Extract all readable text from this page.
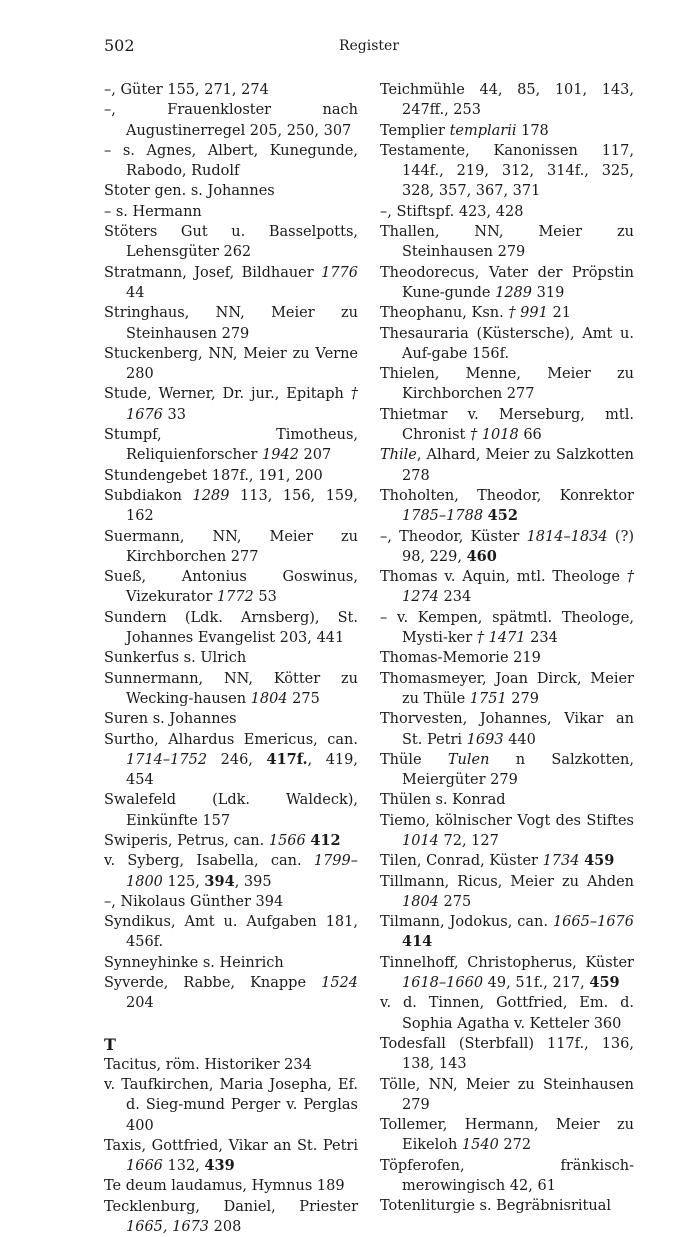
502	Register
–, Güter 155, 271, 274
–, Frauenkloster nach Augustinerregel 205, 250, 307
– s. Agnes, Albert, Kunegunde, Rabodo, Rudolf
Stoter gen. s. Johannes
– s. Hermann
Stöters Gut u. Basselpotts, Lehensgüter 262
Stratmann, Josef, Bildhauer 1776 44
Stringhaus, NN, Meier zu Steinhausen 279
Stuckenberg, NN, Meier zu Verne 280
Stude, Werner, Dr. jur., Epitaph † 1676 33
Stumpf, Timotheus, Reliquienforscher 1942 207
Stundengebet 187f., 191, 200
Subdiakon 1289 113, 156, 159, 162
Suermann, NN, Meier zu Kirchborchen 277
Sueß, Antonius Goswinus, Vizekurator 1772 53
Sundern (Ldk. Arnsberg), St. Johannes Evangelist 203, 441
Sunkerfus s. Ulrich
Sunnermann, NN, Kötter zu Wecking-hausen 1804 275
Suren s. Johannes
Surtho, Alhardus Emericus, can. 1714–1752 246, 417f., 419, 454
Swalefeld (Ldk. Waldeck), Einkünfte 157
Swiperis, Petrus, can. 1566 412
v. Syberg, Isabella, can. 1799–1800 125, 394, 395
–, Nikolaus Günther 394
Syndikus, Amt u. Aufgaben 181, 456f.
Synneyhinke s. Heinrich
Syverde, Rabbe, Knappe 1524 204
T
Tacitus, röm. Historiker 234
v. Taufkirchen, Maria Josepha, Ef. d. Sieg-mund Perger v. Perglas 400
Taxis, Gottfried, Vikar an St. Petri 1666 132, 439
Te deum laudamus, Hymnus 189
Tecklenburg, Daniel, Priester 1665, 1673 208
Teichmühle 44, 85, 101, 143, 247ff., 253
Templier templarii 178
Testamente, Kanonissen 117, 144f., 219, 312, 314f., 325, 328, 357, 367, 371
–, Stiftspf. 423, 428
Thallen, NN, Meier zu Steinhausen 279
Theodorecus, Vater der Pröpstin Kune-gunde 1289 319
Theophanu, Ksn. † 991 21
Thesauraria (Küstersche), Amt u. Auf-gabe 156f.
Thielen, Menne, Meier zu Kirchborchen 277
Thietmar v. Merseburg, mtl. Chronist † 1018 66
Thile, Alhard, Meier zu Salzkotten 278
Thoholten, Theodor, Konrektor 1785–1788 452
–, Theodor, Küster 1814–1834 (?) 98, 229, 460
Thomas v. Aquin, mtl. Theologe † 1274 234
– v. Kempen, spätmtl. Theologe, Mysti-ker † 1471 234
Thomas-Memorie 219
Thomasmeyer, Joan Dirck, Meier zu Thüle 1751 279
Thorvesten, Johannes, Vikar an St. Petri 1693 440
Thüle Tulen n Salzkotten, Meiergüter 279
Thülen s. Konrad
Tiemo, kölnischer Vogt des Stiftes 1014 72, 127
Tilen, Conrad, Küster 1734 459
Tillmann, Ricus, Meier zu Ahden 1804 275
Tilmann, Jodokus, can. 1665–1676 414
Tinnelhoff, Christopherus, Küster 1618–1660 49, 51f., 217, 459
v. d. Tinnen, Gottfried, Em. d. Sophia Agatha v. Ketteler 360
Todesfall (Sterbfall) 117f., 136, 138, 143
Tölle, NN, Meier zu Steinhausen 279
Tollemer, Hermann, Meier zu Eikeloh 1540 272
Töpferofen, fränkisch-merowingisch 42, 61
Totenliturgie s. Begräbnisritual
